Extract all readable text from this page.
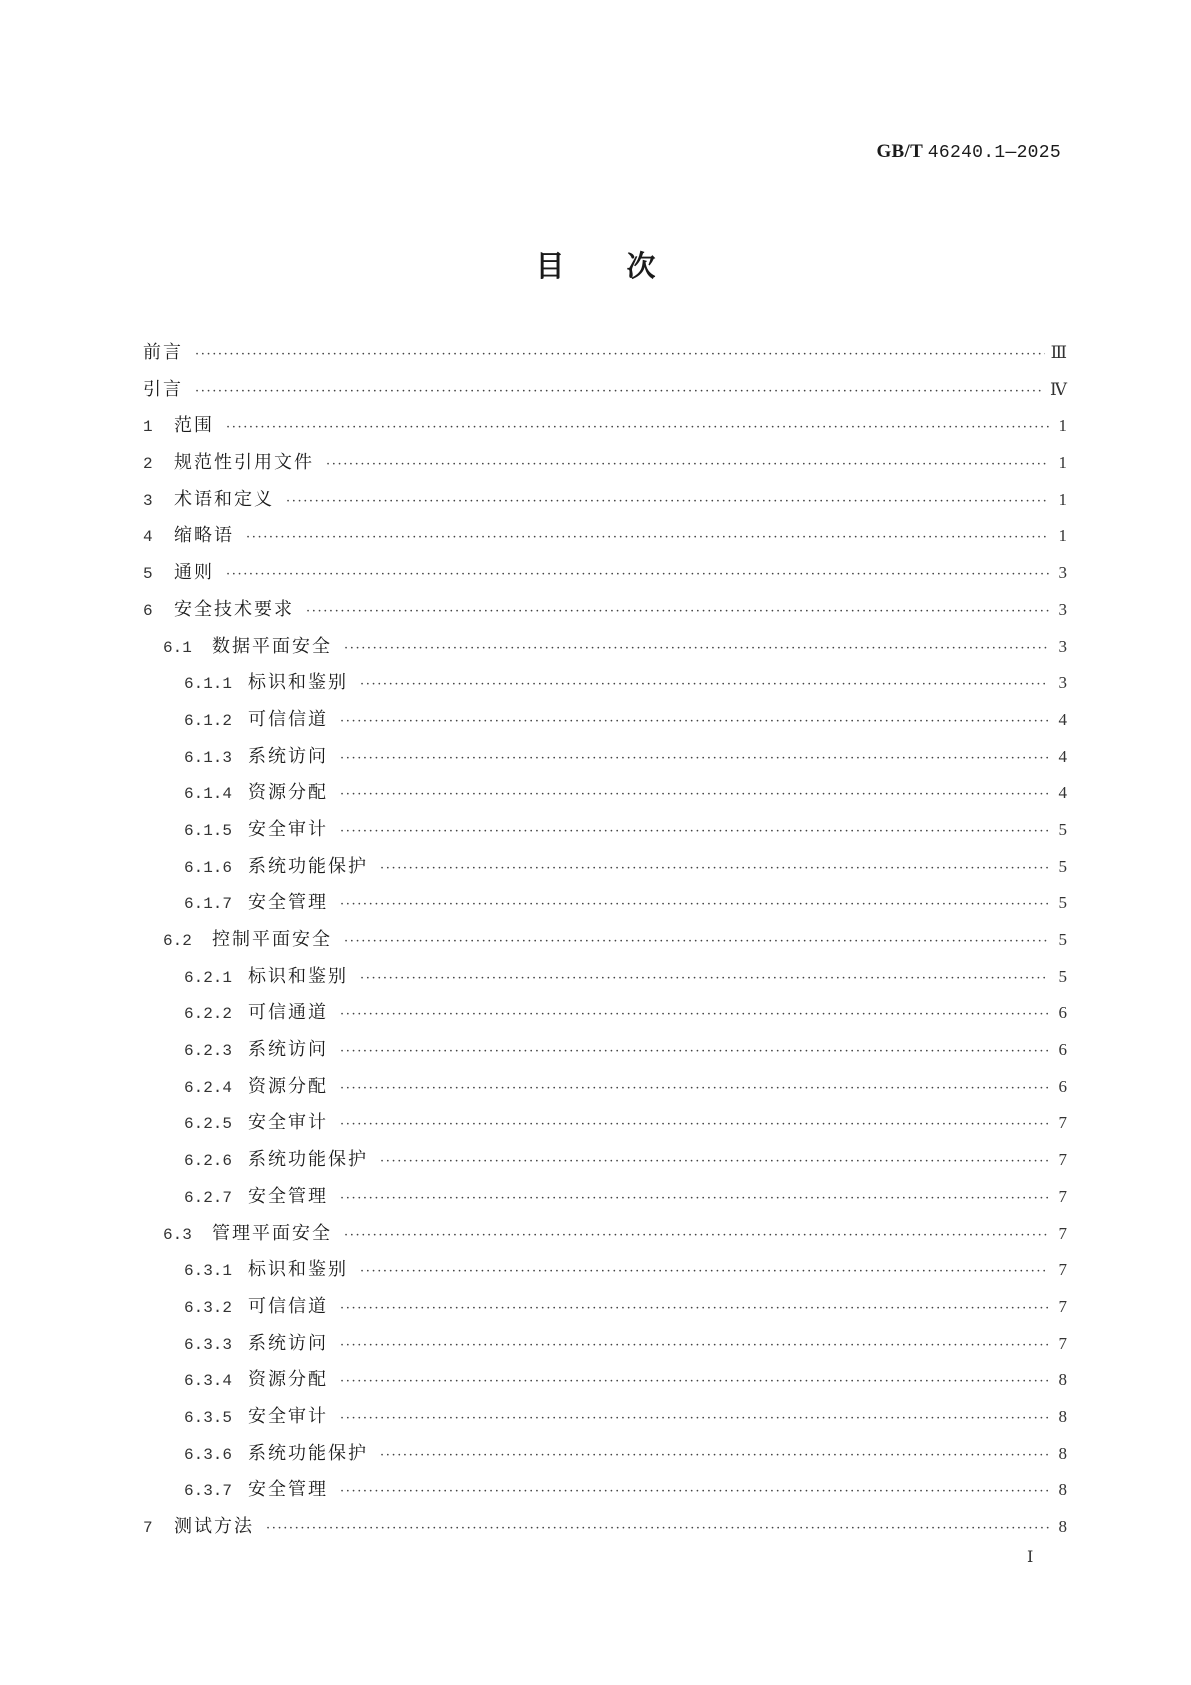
GB/T 46240.1—2025
目次
前言 ·····	Ⅲ
引言 ·····	Ⅳ
1	范围 ·····	1
2	规范性引用文件 ·····	1
3	术语和定义 ·····	1
4	缩略语 ·····	1
5	通则 ·····	3
6	安全技术要求 ·····	3
6.1	数据平面安全 ·····	3
6.1.1 标识和鉴别 ·····	3
6.1.2 可信信道 ·····	4
6.1.3 系统访问 ·····	4
6.1.4 资源分配 ·····	4
6.1.5 安全审计 ·····	5
6.1.6 系统功能保护 ·····	5
6.1.7 安全管理 ·····	5
6.2	控制平面安全 ·····	5
6.2.1 标识和鉴别 ·····	5
6.2.2 可信通道 ·····	6
6.2.3 系统访问 ·····	6
6.2.4 资源分配 ·····	6
6.2.5 安全审计 ·····	7
6.2.6 系统功能保护 ·····	7
6.2.7 安全管理 ·····	7
6.3	管理平面安全 ·····	7
6.3.1 标识和鉴别 ·····	7
6.3.2 可信信道 ·····	7
6.3.3 系统访问 ·····	7
6.3.4 资源分配 ·····	8
6.3.5 安全审计 ·····	8
6.3.6 系统功能保护 ·····	8
6.3.7 安全管理 ·····	8
7	测试方法 ·····	8
Ⅰ
